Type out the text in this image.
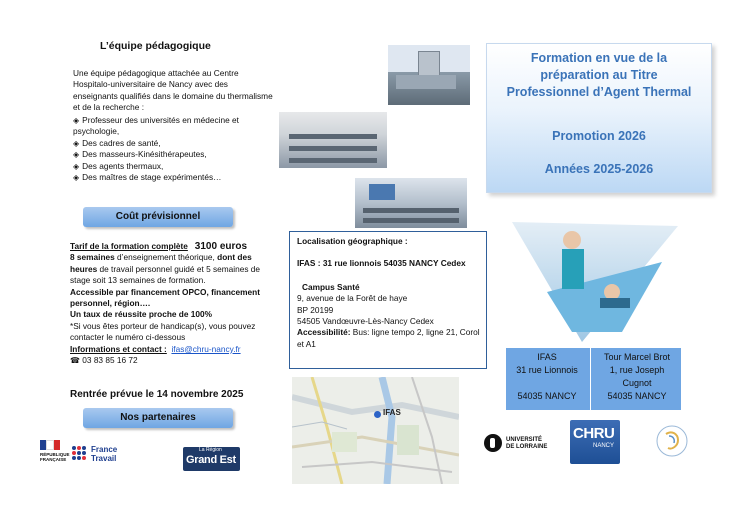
L’équipe pédagogique
Une équipe pédagogique attachée au Centre Hospitalo-universitaire de Nancy avec des enseignants qualifiés dans le domaine du thermalisme et de la recherche :
◈ Professeur des universités en médecine et psychologie,
◈ Des cadres de santé,
◈ Des masseurs-Kinésithérapeutes,
◈ Des agents thermaux,
◈ Des maîtres de stage expérimentés…
Coût prévisionnel
Tarif de la formation complète 3100 euros
8 semaines d’enseignement théorique, dont des heures de travail personnel guidé et 5 semaines de stage soit 13 semaines de formation.
Accessible par financement OPCO, financement personnel, région….
Un taux de réussite proche de 100%
*Si vous êtes porteur de handicap(s), vous pouvez contacter le numéro ci-dessous
Informations et contact : ifas@chru-nancy.fr
☎ 03 83 85 16 72
Rentrée prévue le 14 novembre 2025
Nos partenaires
RÉPUBLIQUE FRANÇAISE
France
Travail
La Région
Grand Est
Localisation géographique :
IFAS : 31 rue lionnois 54035 NANCY Cedex
Campus Santé
9, avenue de la Forêt de haye
BP 20199
54505 Vandœuvre-Lès-Nancy Cedex
Accessibilité: Bus: ligne tempo 2, ligne 21, Corol et A1
IFAS
Formation en vue de la
préparation au Titre
Professionnel d’Agent Thermal
Promotion 2026
Années 2025-2026
IFAS
31 rue Lionnois
54035 NANCY
Tour Marcel Brot
1, rue Joseph
Cugnot
54035 NANCY
UNIVERSITÉ
DE LORRAINE
CHRU
NANCY
